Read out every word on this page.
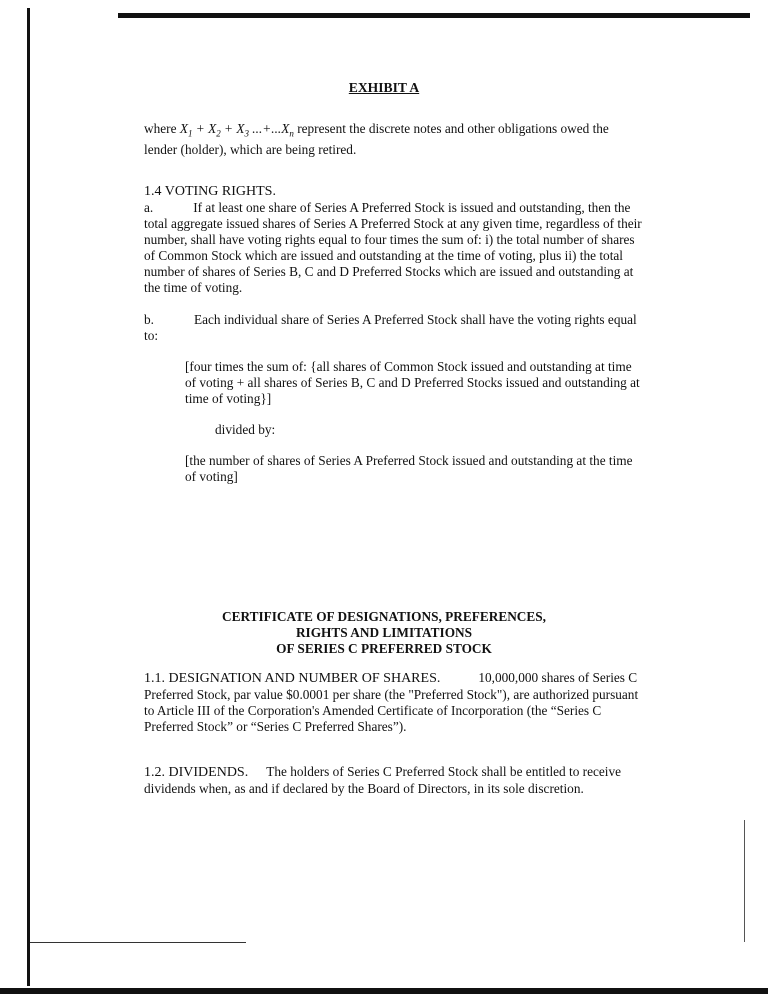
EXHIBIT A

where $X_1 + X_2 + X_3$ $...+...X_n$ represent the discrete notes and other obligations owed the lender (holder), which are being retired.

1.4 VOTING RIGHTS.

a.	If at least one share of Series A Preferred Stock is issued and outstanding, then the total aggregate issued shares of Series A Preferred Stock at any given time, regardless of their number, shall have voting rights equal to four times the sum of: i) the total number of shares of Common Stock which are issued and outstanding at the time of voting, plus ii) the total number of shares of Series B, C and D Preferred Stocks which are issued and outstanding at the time of voting.

b.	Each individual share of Series A Preferred Stock shall have the voting rights equal to:

[four times the sum of: {all shares of Common Stock issued and outstanding at time of voting + all shares of Series B, C and D Preferred Stocks issued and outstanding at time of voting}]

divided by:

[the number of shares of Series A Preferred Stock issued and outstanding at the time of voting]

CERTIFICATE OF DESIGNATIONS, PREFERENCES,

RIGHTS AND LIMITATIONS

OF SERIES C PREFERRED STOCK

1.1. DESIGNATION AND NUMBER OF SHARES.	10,000,000 shares of Series C Preferred Stock, par value $0.0001 per share (the "Preferred Stock"), are authorized pursuant to Article III of the Corporation's Amended Certificate of Incorporation (the “Series C Preferred Stock” or “Series C Preferred Shares”).

1.2. DIVIDENDS. The holders of Series C Preferred Stock shall be entitled to receive dividends when, as and if declared by the Board of Directors, in its sole discretion.
